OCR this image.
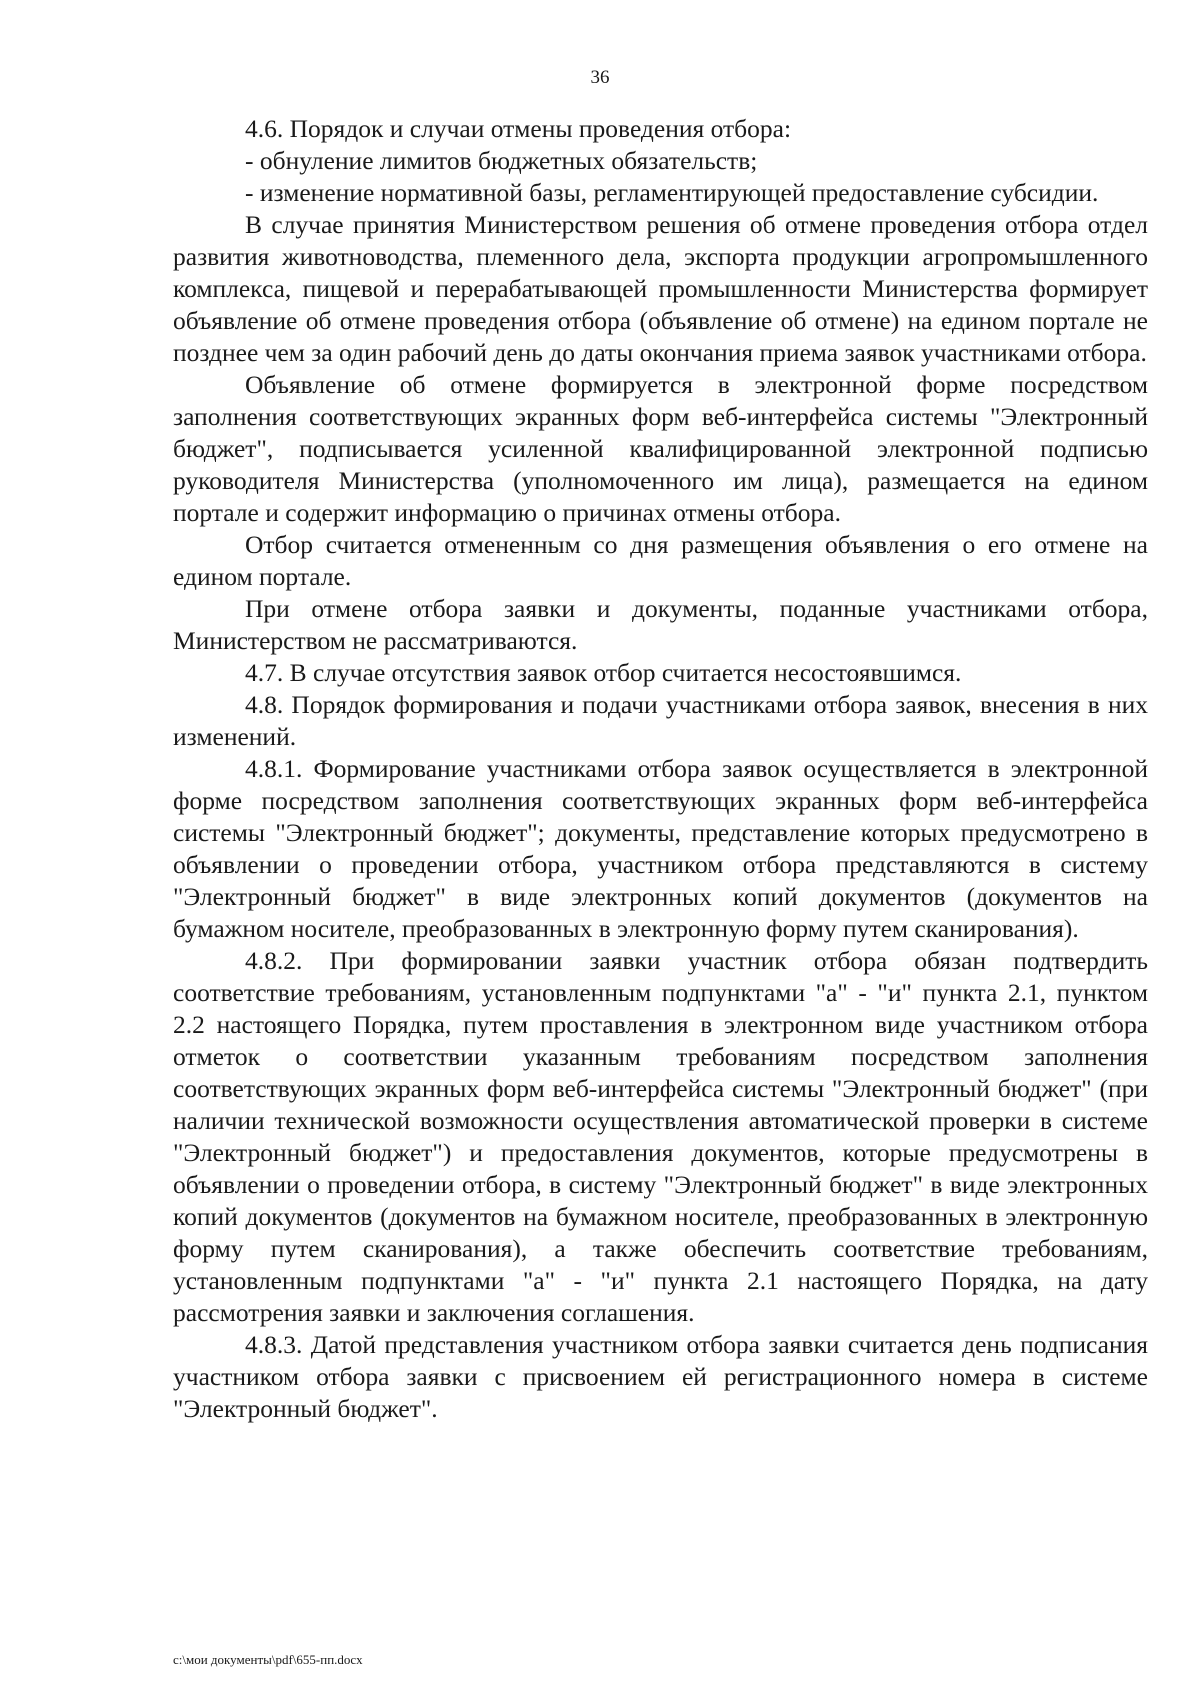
36

4.6. Порядок и случаи отмены проведения отбора:

- обнуление лимитов бюджетных обязательств;

- изменение нормативной базы, регламентирующей предоставление субсидии.

В случае принятия Министерством решения об отмене проведения отбора отдел развития животноводства, племенного дела, экспорта продукции агропромышленного комплекса, пищевой и перерабатывающей промышленности Министерства формирует объявление об отмене проведения отбора (объявление об отмене) на едином портале не позднее чем за один рабочий день до даты окончания приема заявок участниками отбора.

Объявление об отмене формируется в электронной форме посредством заполнения соответствующих экранных форм веб-интерфейса системы "Электронный бюджет", подписывается усиленной квалифицированной электронной подписью руководителя Министерства (уполномоченного им лица), размещается на едином портале и содержит информацию о причинах отмены отбора.

Отбор считается отмененным со дня размещения объявления о его отмене на едином портале.

При отмене отбора заявки и документы, поданные участниками отбора, Министерством не рассматриваются.

4.7. В случае отсутствия заявок отбор считается несостоявшимся.

4.8. Порядок формирования и подачи участниками отбора заявок, внесения в них изменений.

4.8.1. Формирование участниками отбора заявок осуществляется в электронной форме посредством заполнения соответствующих экранных форм веб-интерфейса системы "Электронный бюджет"; документы, представление которых предусмотрено в объявлении о проведении отбора, участником отбора представляются в систему "Электронный бюджет" в виде электронных копий документов (документов на бумажном носителе, преобразованных в электронную форму путем сканирования).

4.8.2. При формировании заявки участник отбора обязан подтвердить соответствие требованиям, установленным подпунктами "а" - "и" пункта 2.1, пунктом 2.2 настоящего Порядка, путем проставления в электронном виде участником отбора отметок о соответствии указанным требованиям посредством заполнения соответствующих экранных форм веб-интерфейса системы "Электронный бюджет" (при наличии технической возможности осуществления автоматической проверки в системе "Электронный бюджет") и предоставления документов, которые предусмотрены в объявлении о проведении отбора, в систему "Электронный бюджет" в виде электронных копий документов (документов на бумажном носителе, преобразованных в электронную форму путем сканирования), а также обеспечить соответствие требованиям, установленным подпунктами "а" - "и" пункта 2.1 настоящего Порядка, на дату рассмотрения заявки и заключения соглашения.

4.8.3. Датой представления участником отбора заявки считается день подписания участником отбора заявки с присвоением ей регистрационного номера в системе "Электронный бюджет".

c:\мои документы\pdf\655-пп.docx
